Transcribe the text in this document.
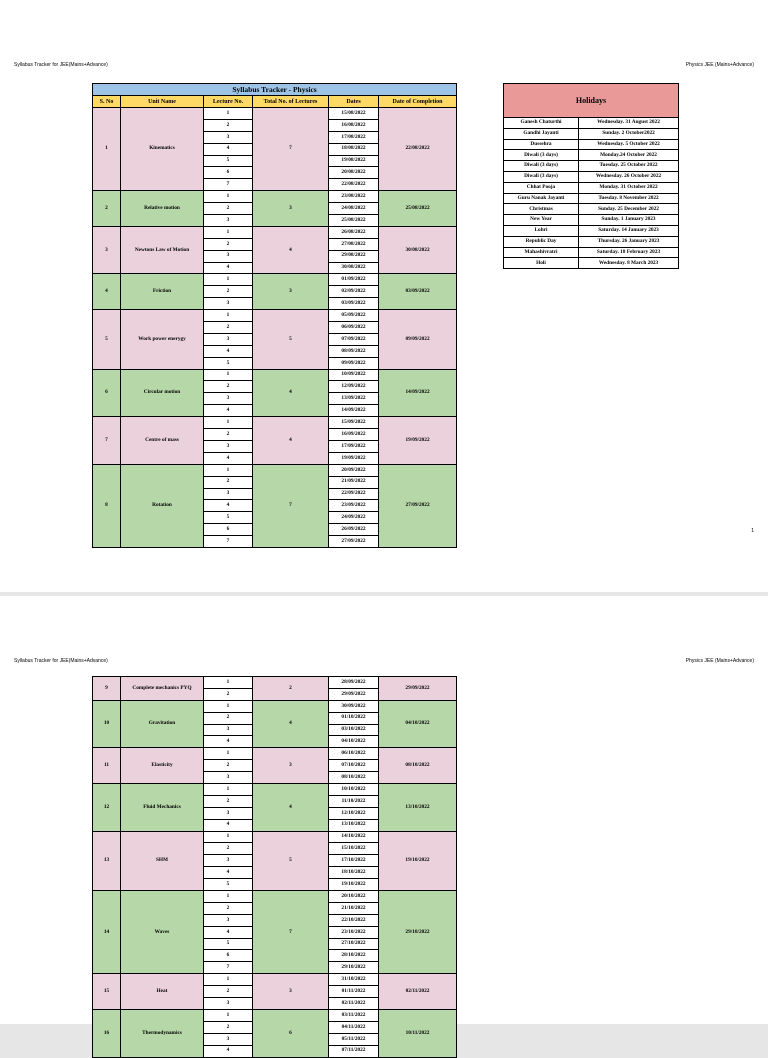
Syllabus Tracker for JEE(Mains+Advance)	Physics JEE (Mains+Advance)
Syllabus Tracker - Physics					
S. No	Unit Name	Lecture No.	Total No. of Lectures	Dates	Date of Completion
1	Kinematics	1	7	15/08/2022	22/08/2022
		2		16/08/2022	
		3		17/08/2022	
		4		18/08/2022	
		5		19/08/2022	
		6		20/08/2022	
		7		22/08/2022	
2	Relative motion	1	3	23/08/2022	25/08/2022
		2		24/08/2022	
		3		25/08/2022	
3	Newtons Law of Motion	1	4	26/08/2022	30/08/2022
		2		27/08/2022	
		3		29/08/2022	
		4		30/08/2022	
4	Friction	1	3	01/09/2022	03/09/2022
		2		02/09/2022	
		3		03/09/2022	
5	Work power enerygy	1	5	05/09/2022	09/09/2022
		2		06/09/2022	
		3		07/09/2022	
		4		08/09/2022	
		5		09/09/2022	
6	Circular motion	1	4	10/09/2022	14/09/2022
		2		12/09/2022	
		3		13/09/2022	
		4		14/09/2022	
7	Centre of mass	1	4	15/09/2022	19/09/2022
		2		16/09/2022	
		3		17/09/2022	
		4		19/09/2022	
8	Rotation	1	7	20/09/2022	27/09/2022
		2		21/09/2022	
		3		22/09/2022	
		4		23/09/2022	
		5		24/09/2022	
		6		26/09/2022	
		7		27/09/2022	
Holidays	
Ganesh Chaturthi	Wednesday. 31 August 2022
Gandhi Jayanti	Sunday. 2 October2022
Dussehra	Wednesday. 5 October 2022
Diwali (3 days)	Monday.24 October 2022
Diwali (3 days)	Tuesday. 25 October 2022
Diwali (3 days)	Wednesday. 26 October 2022
Chhat Pooja	Monday. 31 October 2022
Guru Nanak Jayanti	Tuesday. 8 November 2022
Christmas	Sunday. 25 December 2022
New Year	Sunday. 1 January 2023
Lohri	Saturday. 14 January 2023
Republic Day	Thursday. 26 January 2023
Mahashivratri	Saturday. 18 February 2023
Holi	Wednesday. 8 March 2023
1
Syllabus Tracker for JEE(Mains+Advance)	Physics JEE (Mains+Advance)
9	Complete mechanics PYQ	1	2	28/09/2022	29/09/2022
		2		29/09/2022	
10	Gravitation	1	4	30/09/2022	04/10/2022
		2		01/10/2022	
		3		03/10/2022	
		4		04/10/2022	
11	Elasticity	1	3	06/10/2022	08/10/2022
		2		07/10/2022	
		3		08/10/2022	
12	Fluid Mechanics	1	4	10/10/2022	13/10/2022
		2		11/10/2022	
		3		12/10/2022	
		4		13/10/2022	
13	SHM	1	5	14/10/2022	19/10/2022
		2		15/10/2022	
		3		17/10/2022	
		4		18/10/2022	
		5		19/10/2022	
14	Waves	1	7	20/10/2022	29/10/2022
		2		21/10/2022	
		3		22/10/2022	
		4		23/10/2022	
		5		27/10/2022	
		6		28/10/2022	
		7		29/10/2022	
15	Heat	1	3	31/10/2022	02/11/2022
		2		01/11/2022	
		3		02/11/2022	
16	Thermodynamics	1	6	03/11/2022	10/11/2022
		2		04/11/2022	
		3		05/11/2022	
		4		07/11/2022	
